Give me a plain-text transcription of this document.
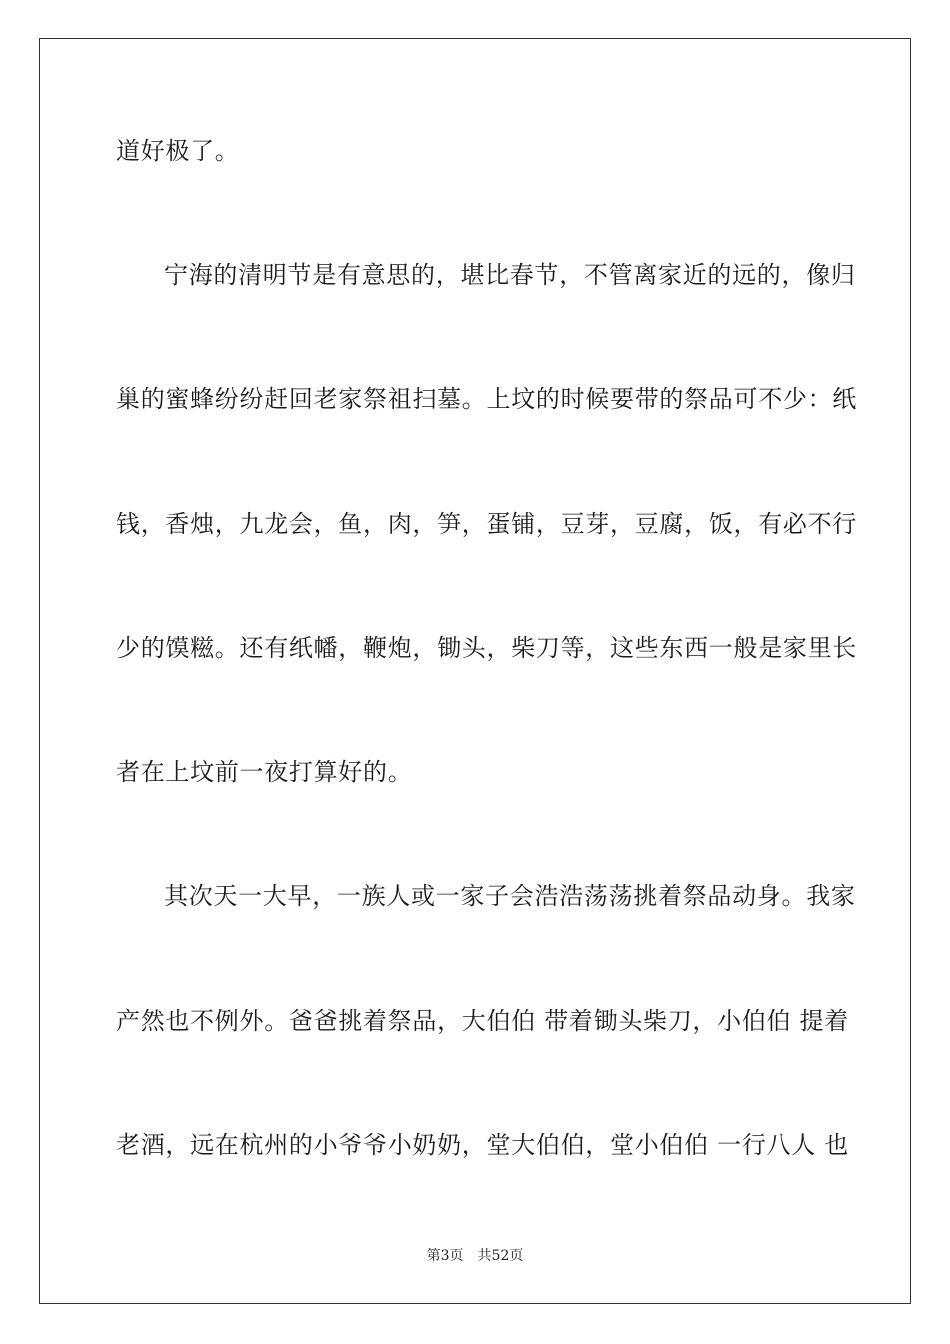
道好极了。
宁海的清明节是有意思的，堪比春节，不管离家近的远的，像归
巢的蜜蜂纷纷赶回老家祭祖扫墓。上坟的时候要带的祭品可不少：纸
钱，香烛，九龙会，鱼，肉，笋，蛋铺，豆芽，豆腐，饭，有必不行
少的馍糍。还有纸幡，鞭炮，锄头，柴刀等，这些东西一般是家里长
者在上坟前一夜打算好的。
其次天一大早，一族人或一家子会浩浩荡荡挑着祭品动身。我家
产然也不例外。爸爸挑着祭品，大伯伯 带着锄头柴刀，小伯伯 提着
老酒，远在杭州的小爷爷小奶奶，堂大伯伯，堂小伯伯 一行八人 也
第3页 共52页
